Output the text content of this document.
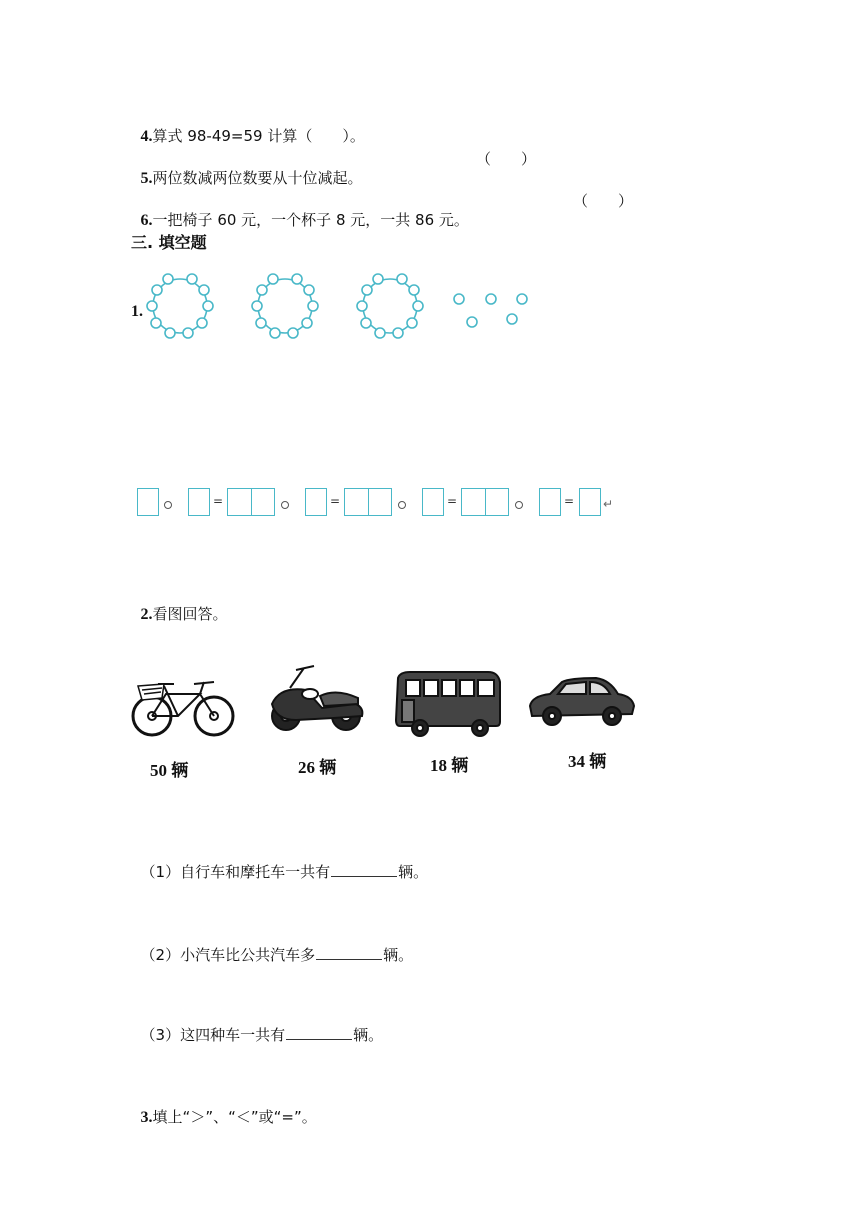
4.算式 98-49=59 计算（　　）。

5.两位数减两位数要从十位减起。

（　　）

6.一把椅子 60 元，一个杯子 8 元，一共 86 元。

（　　）
三. 填空题
1.
=	=	=	= ↵

2.看图回答。

50 辆	26 辆	18 辆	34 辆

（1）自行车和摩托车一共有	辆。

（2）小汽车比公共汽车多	辆。

（3）这四种车一共有	辆。

3.填上“＞”、“＜”或“=”。
